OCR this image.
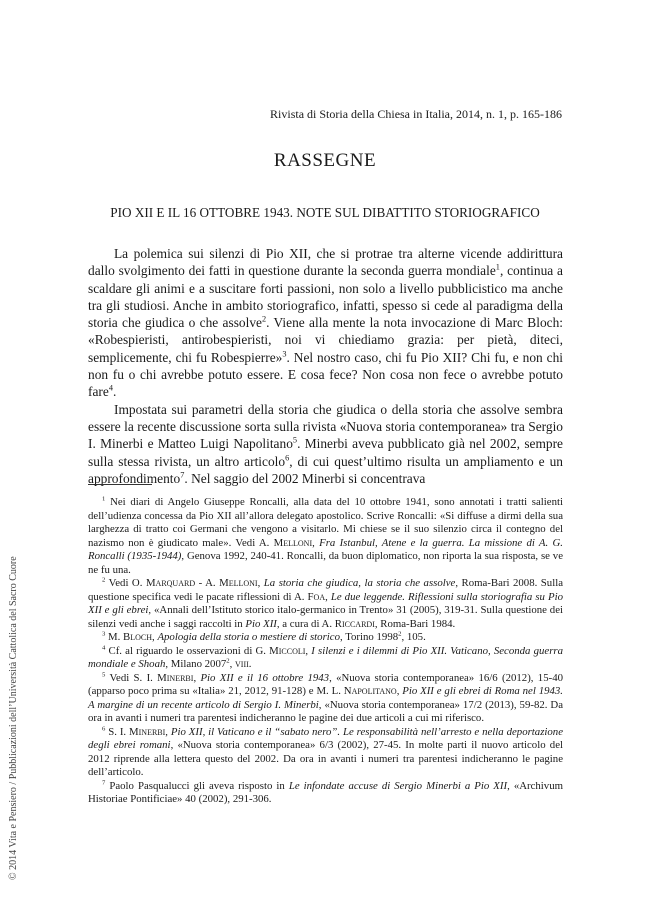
© 2014 Vita e Pensiero / Pubblicazioni dell’Università Cattolica del Sacro Cuore
Rivista di Storia della Chiesa in Italia, 2014, n. 1, p. 165-186
RASSEGNE
PIO XII E IL 16 OTTOBRE 1943. NOTE SUL DIBATTITO STORIOGRAFICO

La polemica sui silenzi di Pio XII, che si protrae tra alterne vicende addirittura dallo svolgimento dei fatti in questione durante la seconda guerra mondiale$^1$, continua a scaldare gli animi e a suscitare forti passioni, non solo a livello pubblicistico ma anche tra gli studiosi. Anche in ambito storiografico, infatti, spesso si cede al paradigma della storia che giudica o che assolve$^2$. Viene alla mente la nota invocazione di Marc Bloch: «Robespieristi, antirobespieristi, noi vi chiediamo grazia: per pietà, diteci, semplicemente, chi fu Robespierre»$^3$. Nel nostro caso, chi fu Pio XII? Chi fu, e non chi non fu o chi avrebbe potuto essere. E cosa fece? Non cosa non fece o avrebbe potuto fare$^4$.

Impostata sui parametri della storia che giudica o della storia che assolve sembra essere la recente discussione sorta sulla rivista «Nuova storia contemporanea» tra Sergio I. Minerbi e Matteo Luigi Napolitano$^5$. Minerbi aveva pubblicato già nel 2002, sempre sulla stessa rivista, un altro articolo$^6$, di cui quest’ultimo risulta un ampliamento e un approfondimento$^7$. Nel saggio del 2002 Minerbi si concentrava

$^1$ Nei diari di Angelo Giuseppe Roncalli, alla data del 10 ottobre 1941, sono annotati i tratti salienti dell’udienza concessa da Pio XII all’allora delegato apostolico. Scrive Roncalli: «Si diffuse a dirmi della sua larghezza di tratto coi Germani che vengono a visitarlo. Mi chiese se il suo silenzio circa il contegno del nazismo non è giudicato male». Vedi A. Melloni, Fra Istanbul, Atene e la guerra. La missione di A. G. Roncalli (1935-1944), Genova 1992, 240-41. Roncalli, da buon diplomatico, non riporta la sua risposta, se ve ne fu una.

$^2$ Vedi O. Marquard - A. Melloni, La storia che giudica, la storia che assolve, Roma-Bari 2008. Sulla questione specifica vedi le pacate riflessioni di A. Foa, Le due leggende. Riflessioni sulla storiografia su Pio XII e gli ebrei, «Annali dell’Istituto storico italo-germanico in Trento» 31 (2005), 319-31. Sulla questione dei silenzi vedi anche i saggi raccolti in Pio XII, a cura di A. Riccardi, Roma-Bari 1984.

$^3$ M. Bloch, Apologia della storia o mestiere di storico, Torino 1998$^2$, 105.

$^4$ Cf. al riguardo le osservazioni di G. Miccoli, I silenzi e i dilemmi di Pio XII. Vaticano, Seconda guerra mondiale e Shoah, Milano 2007$^2$, viii.

$^5$ Vedi S. I. Minerbi, Pio XII e il 16 ottobre 1943, «Nuova storia contemporanea» 16/6 (2012), 15-40 (apparso poco prima su «Italia» 21, 2012, 91-128) e M. L. Napolitano, Pio XII e gli ebrei di Roma nel 1943. A margine di un recente articolo di Sergio I. Minerbi, «Nuova storia contemporanea» 17/2 (2013), 59-82. Da ora in avanti i numeri tra parentesi indicheranno le pagine dei due articoli a cui mi riferisco.

$^6$ S. I. Minerbi, Pio XII, il Vaticano e il “sabato nero”. Le responsabilità nell’arresto e nella deportazione degli ebrei romani, «Nuova storia contemporanea» 6/3 (2002), 27-45. In molte parti il nuovo articolo del 2012 riprende alla lettera questo del 2002. Da ora in avanti i numeri tra parentesi indicheranno le pagine dell’articolo.

$^7$ Paolo Pasqualucci gli aveva risposto in Le infondate accuse di Sergio Minerbi a Pio XII, «Archivum Historiae Pontificiae» 40 (2002), 291-306.
